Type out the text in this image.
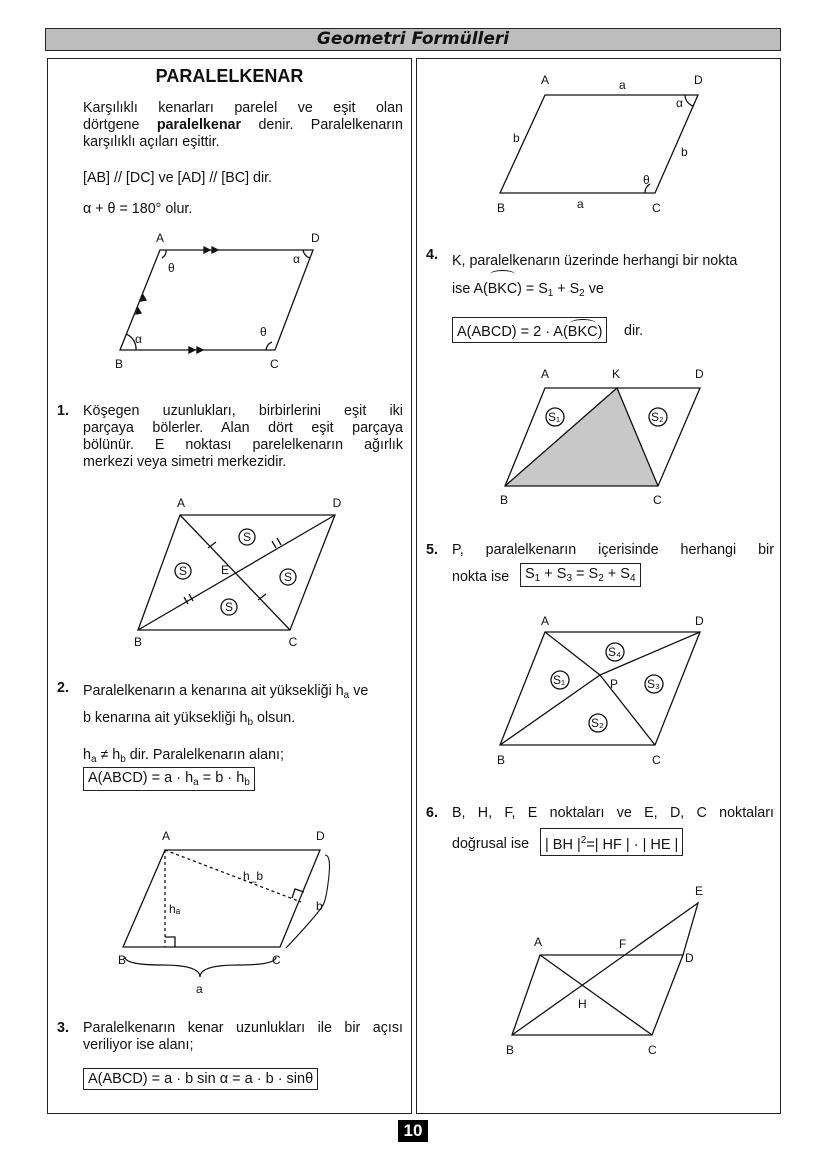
Geometri Formülleri
PARALELKENAR
Karşılıklı kenarları parelel ve eşit olan
dörtgene paralelkenar denir. Paralelkenarın
karşılıklı açıları eşittir.
[AB] // [DC] ve [AD] // [BC] dir.
α + θ = 180° olur.
1. Köşegen uzunlukları, birbirlerini eşit iki
parçaya bölerler. Alan dört eşit parçaya
bölünür. E noktası parelelkenarın ağırlık
merkezi veya simetri merkezidir.
2. Paralelkenarın a kenarına ait yüksekliği $h_a$ ve
b kenarına ait yüksekliği $h_b$ olsun.
$h_a \ne h_b$ dir. Paralelkenarın alanı;
A(ABCD) = $a \cdot h_a = b \cdot h_b$
3. Paralelkenarın kenar uzunlukları ile bir açısı
veriliyor ise alanı;
A(ABCD) = a · b sin α = a · b · sinθ
4. K, paralelkenarın üzerinde herhangi bir nokta
ise $A(BKC) = S_1 + S_2$ ve
A(ABCD) = 2 · A(BKC)	dir.
5. P, paralelkenarın içerisinde herhangi bir
nokta ise	$S_1 + S_3 = S_2 + S_4$
6. B, H, F, E noktaları ve E, D, C noktaları
doğrusal ise	| BH $|^2=|$ HF | · | HE |
10
A	D
B	C
α
θ
α
θ
S
S	S
S
A	D
B	C
E
A	D
B	C
hₐ
h_b
a
b
A	D
B	C
a
a
b
b
α
θ
S₁	S₂
A	K	D
B	C
S₄
S₁	S₃
S₂
P
A	D
B	C
A
D
E
F
H
B	C
